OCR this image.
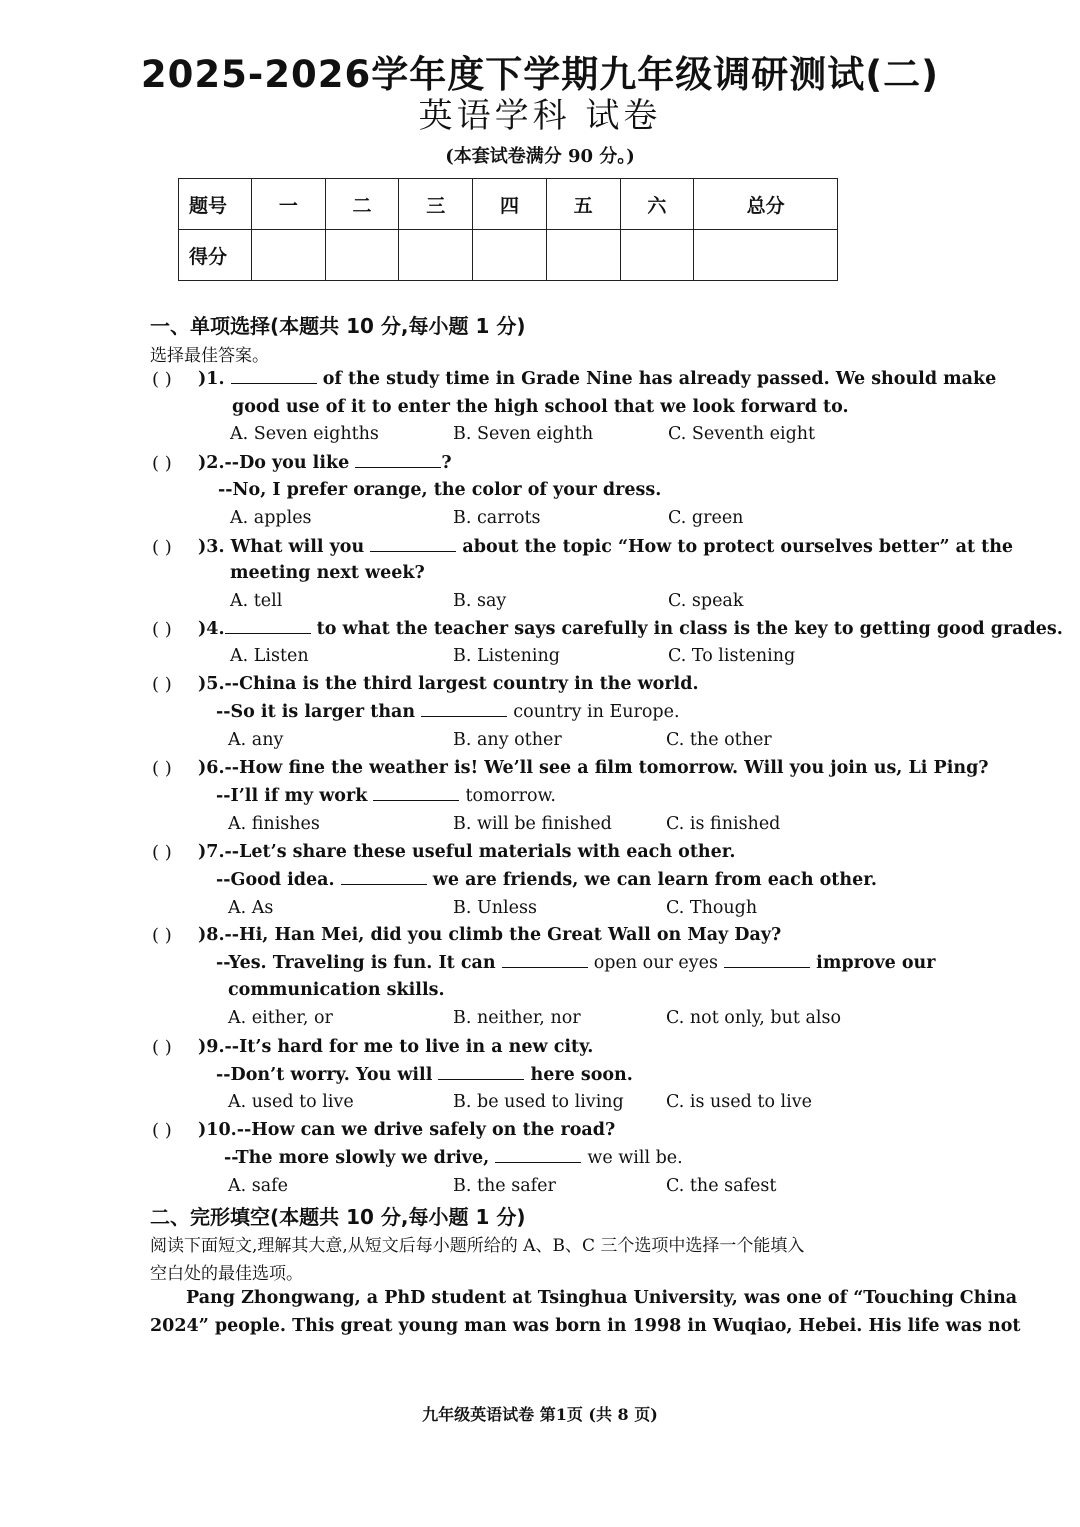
2025-2026学年度下学期九年级调研测试(二)
英语学科 试卷
(本套试卷满分 90 分。)
题号	一	二	三	四	五	六	总分
得分							
一、单项选择(本题共 10 分,每小题 1 分)
选择最佳答案。
( ) )1.	of the study time in Grade Nine has already passed. We should make
good use of it to enter the high school that we look forward to.
A. Seven eighths	B. Seven eighth	C. Seventh eight
( ) )2.--Do you like	?
--No, I prefer orange, the color of your dress.
A. apples	B. carrots	C. green
( ) )3. What will you	about the topic “How to protect ourselves better” at the
meeting next week?
A. tell	B. say	C. speak
( ) )4.	to what the teacher says carefully in class is the key to getting good grades.
A. Listen	B. Listening	C. To listening
( ) )5.--China is the third largest country in the world.
--So it is larger than	country in Europe.
A. any	B. any other	C. the other
( ) )6.--How fine the weather is! We’ll see a film tomorrow. Will you join us, Li Ping?
--I’ll if my work	tomorrow.
A. finishes	B. will be finished	C. is finished
( ) )7.--Let’s share these useful materials with each other.
--Good idea.	we are friends, we can learn from each other.
A. As	B. Unless	C. Though
( ) )8.--Hi, Han Mei, did you climb the Great Wall on May Day?
--Yes. Traveling is fun. It can	open our eyes	improve our
communication skills.
A. either, or	B. neither, nor	C. not only, but also
( ) )9.--It’s hard for me to live in a new city.
--Don’t worry. You will	here soon.
A. used to live	B. be used to living C. is used to live
( ) )10.--How can we drive safely on the road?
--The more slowly we drive,	we will be.
A. safe	B. the safer	C. the safest
二、完形填空(本题共 10 分,每小题 1 分)
阅读下面短文,理解其大意,从短文后每小题所给的 A、B、C 三个选项中选择一个能填入
空白处的最佳选项。
Pang Zhongwang, a PhD student at Tsinghua University, was one of “Touching China
2024” people. This great young man was born in 1998 in Wuqiao, Hebei. His life was not
九年级英语试卷 第1页 (共 8 页)
